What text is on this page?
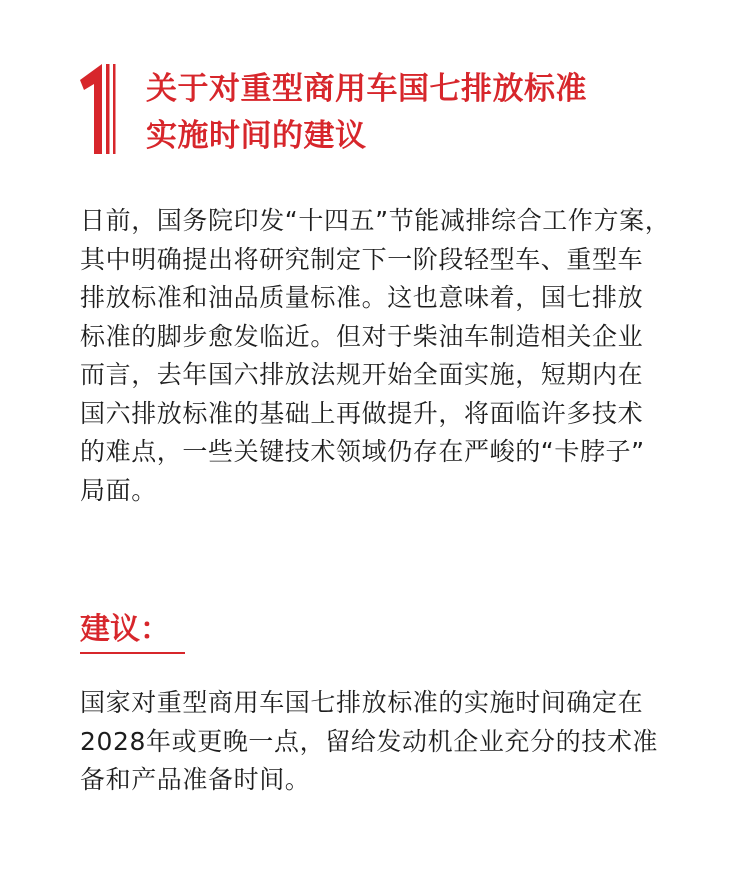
关于对重型商用车国七排放标准
实施时间的建议

日前，国务院印发“十四五”节能减排综合工作方案，
其中明确提出将研究制定下一阶段轻型车、重型车
排放标准和油品质量标准。这也意味着，国七排放
标准的脚步愈发临近。但对于柴油车制造相关企业
而言，去年国六排放法规开始全面实施，短期内在
国六排放标准的基础上再做提升，将面临许多技术
的难点，一些关键技术领域仍存在严峻的“卡脖子”
局面。

建议：

国家对重型商用车国七排放标准的实施时间确定在
2028年或更晚一点，留给发动机企业充分的技术准
备和产品准备时间。
